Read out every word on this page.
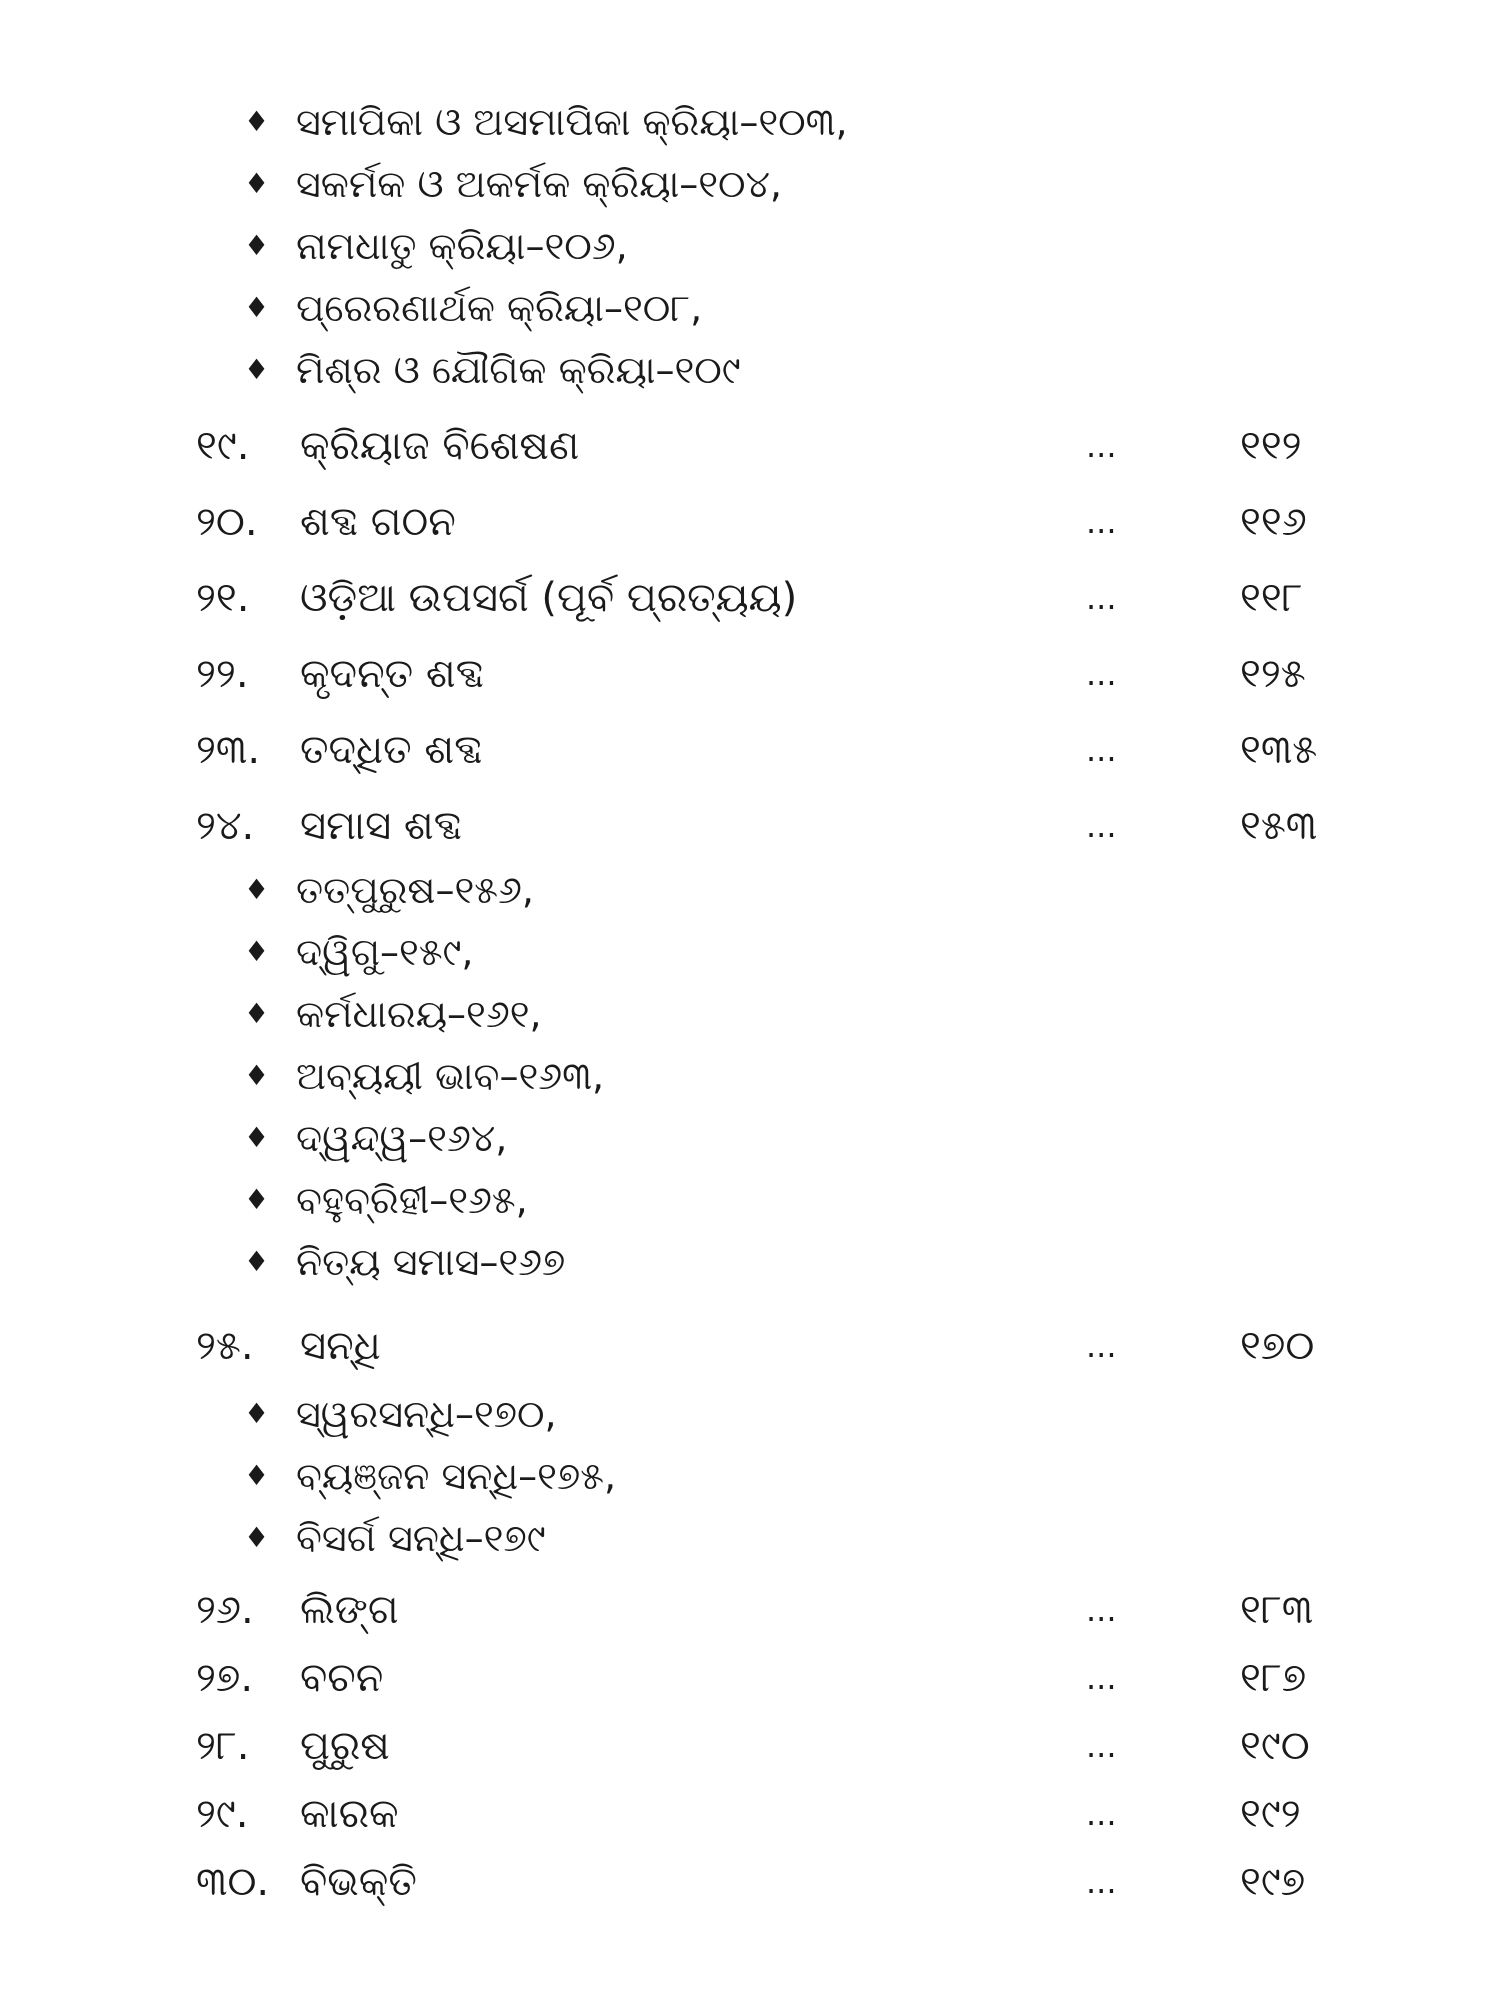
♦ ସମାପିକା ଓ ଅସମାପିକା କ୍ରିୟା–୧୦୩,
♦ ସକର୍ମକ ଓ ଅକର୍ମକ କ୍ରିୟା–୧୦୪,
♦ ନାମଧାତୁ କ୍ରିୟା–୧୦୬,
♦ ପ୍ରେରଣାର୍ଥକ କ୍ରିୟା–୧୦୮,
♦ ମିଶ୍ର ଓ ଯୌଗିକ କ୍ରିୟା–୧୦୯
୧୯. କ୍ରିୟାଜ ବିଶେଷଣ	...	୧୧୨
୨୦. ଶବ୍ଦ ଗଠନ	...	୧୧୬
୨୧. ଓଡ଼ିଆ ଉପସର୍ଗ (ପୂର୍ବ ପ୍ରତ୍ୟୟ)	...	୧୧୮
୨୨. କୃଦନ୍ତ ଶବ୍ଦ	...	୧୨୫
୨୩. ତଦ୍ଧିତ ଶବ୍ଦ	...	୧୩୫
୨୪. ସମାସ ଶବ୍ଦ	...	୧୫୩
♦ ତତ୍‌ପୁରୁଷ–୧୫୬,
♦ ଦ୍ୱିଗୁ–୧୫୯,
♦ କର୍ମଧାରୟ–୧୬୧,
♦ ଅବ୍ୟୟୀ ଭାବ–୧୬୩,
♦ ଦ୍ୱନ୍ଦ୍ୱ–୧୬୪,
♦ ବହୁବ୍ରିହୀ–୧୬୫,
♦ ନିତ୍ୟ ସମାସ–୧୬୭
୨୫. ସନ୍ଧି	...	୧୭୦
♦ ସ୍ୱରସନ୍ଧି–୧୭୦,
♦ ବ୍ୟଞ୍ଜନ ସନ୍ଧି–୧୭୫,
♦ ବିସର୍ଗ ସନ୍ଧି–୧୭୯
୨୬. ଲିଙ୍ଗ	...	୧୮୩
୨୭. ବଚନ	...	୧୮୭
୨୮. ପୁରୁଷ	...	୧୯୦
୨୯. କାରକ	...	୧୯୨
୩୦. ବିଭକ୍ତି	...	୧୯୭
